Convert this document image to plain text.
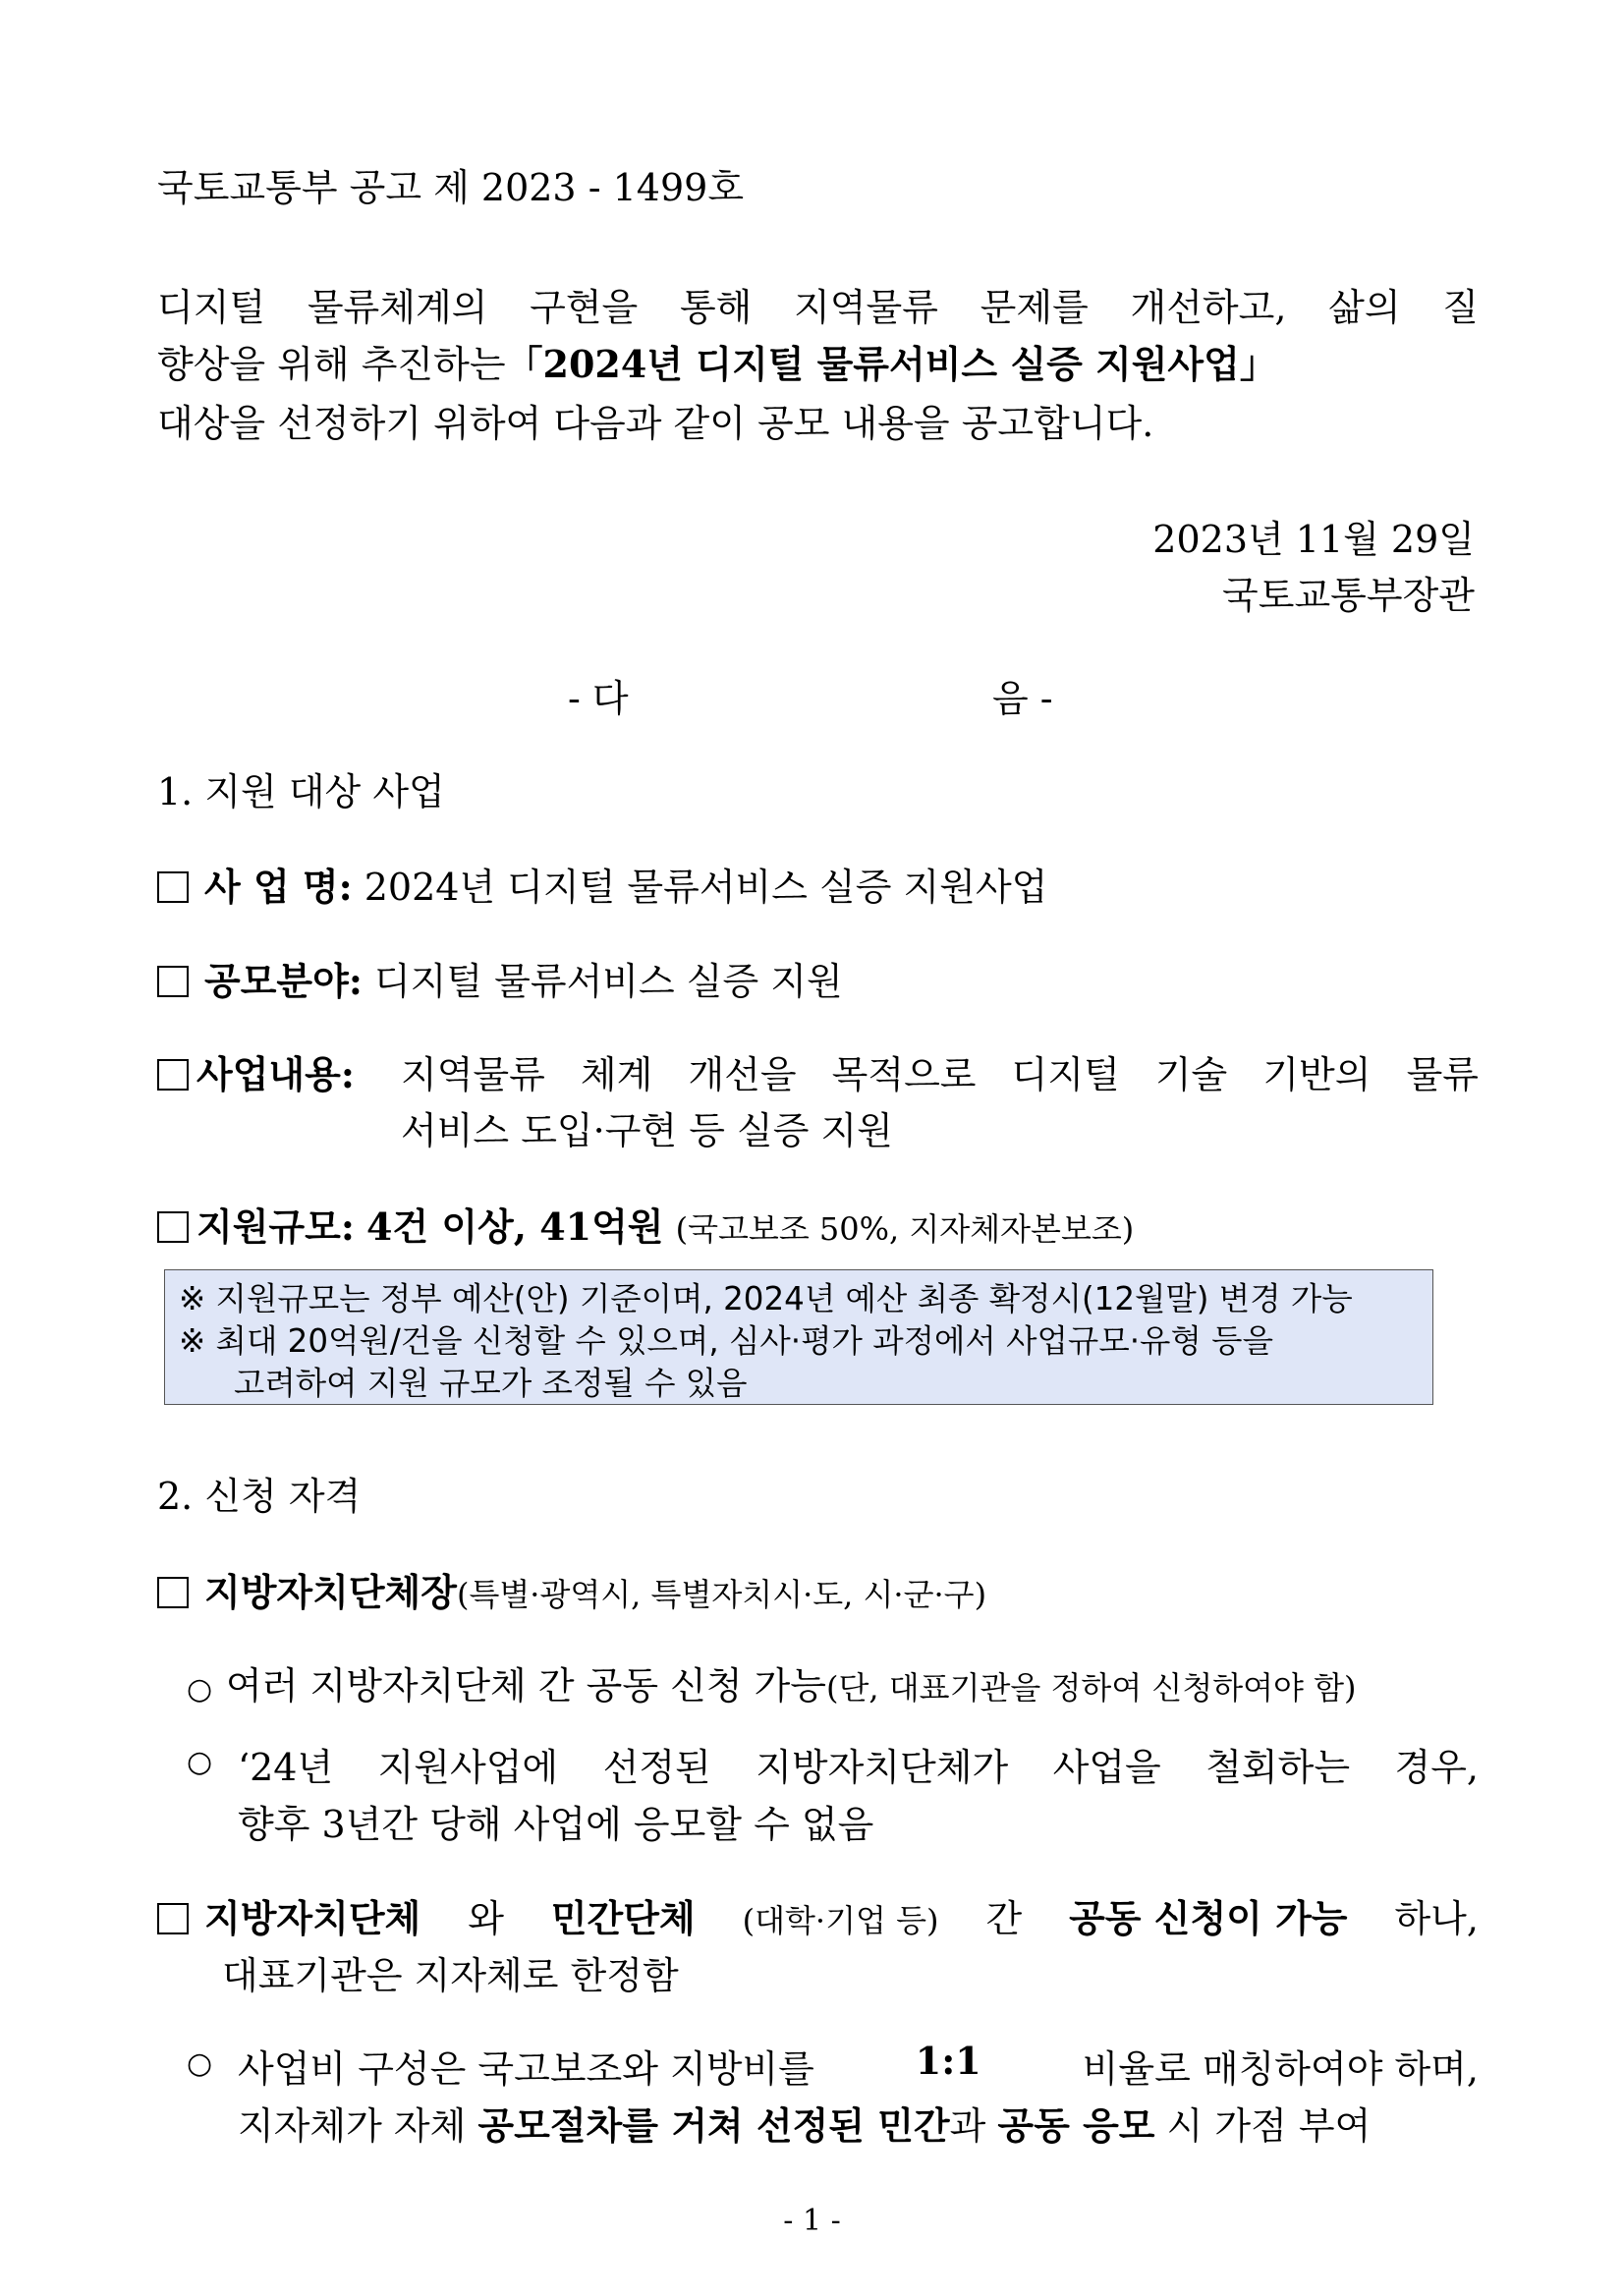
국토교통부 공고 제 2023 - 1499호
디지털 물류체계의 구현을 통해 지역물류 문제를 개선하고, 삶의 질
향상을 위해 추진하는「2024년 디지털 물류서비스 실증 지원사업」
대상을 선정하기 위하여 다음과 같이 공모 내용을 공고합니다.
2023년 11월 29일
국토교통부장관
- 다	음 -
1. 지원 대상 사업
사 업 명: 2024년 디지털 물류서비스 실증 지원사업
공모분야: 디지털 물류서비스 실증 지원
사업내용: 지역물류 체계 개선을 목적으로 디지털 기술 기반의 물류
서비스 도입·구현 등 실증 지원
지원규모: 4건 이상, 41억원 (국고보조 50%, 지자체자본보조)
※ 지원규모는 정부 예산(안) 기준이며, 2024년 예산 최종 확정시(12월말) 변경 가능
※ 최대 20억원/건을 신청할 수 있으며, 심사·평가 과정에서 사업규모·유형 등을
고려하여 지원 규모가 조정될 수 있음
2. 신청 자격
지방자치단체장(특별·광역시, 특별자치시·도, 시·군·구)
○ 여러 지방자치단체 간 공동 신청 가능(단, 대표기관을 정하여 신청하여야 함)
○ ‘24년 지원사업에 선정된 지방자치단체가 사업을 철회하는 경우,
향후 3년간 당해 사업에 응모할 수 없음
지방자치단체 와 민간단체 (대학·기업 등) 간 공동 신청이 가능 하나,
대표기관은 지자체로 한정함
○ 사업비 구성은 국고보조와 지방비를	1:1	비율로 매칭하여야 하며,
지자체가 자체 공모절차를 거쳐 선정된 민간과 공동 응모 시 가점 부여
- 1 -
